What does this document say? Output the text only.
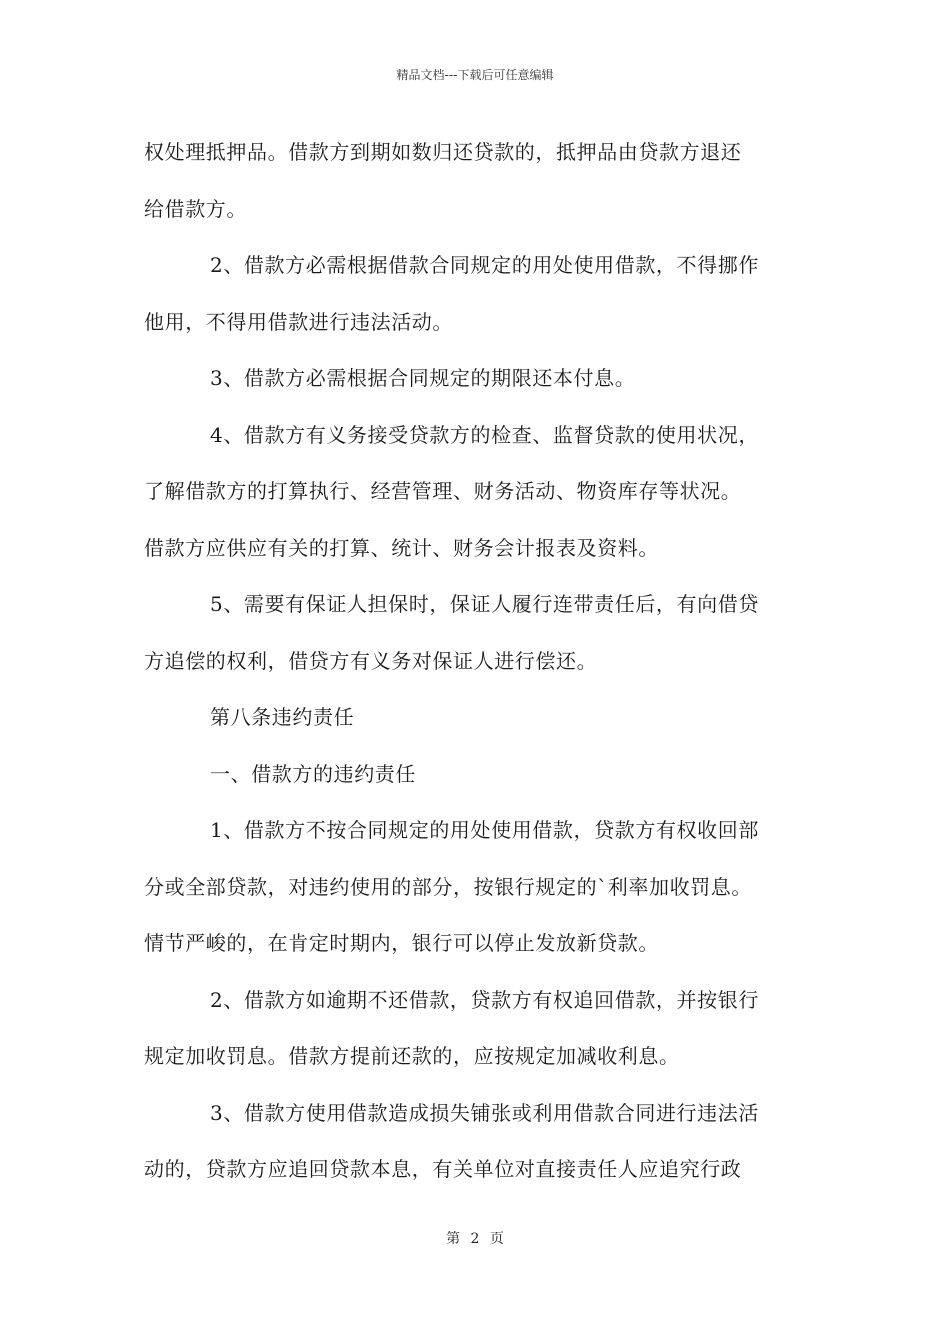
精品文档---下载后可任意编辑
权处理抵押品。借款方到期如数归还贷款的，抵押品由贷款方退还
给借款方。
2、借款方必需根据借款合同规定的用处使用借款，不得挪作
他用，不得用借款进行违法活动。
3、借款方必需根据合同规定的期限还本付息。
4、借款方有义务接受贷款方的检查、监督贷款的使用状况，
了解借款方的打算执行、经营管理、财务活动、物资库存等状况。
借款方应供应有关的打算、统计、财务会计报表及资料。
5、需要有保证人担保时，保证人履行连带责任后，有向借贷
方追偿的权利，借贷方有义务对保证人进行偿还。
第八条违约责任
一、借款方的违约责任
1、借款方不按合同规定的用处使用借款，贷款方有权收回部
分或全部贷款，对违约使用的部分，按银行规定的`利率加收罚息。
情节严峻的，在肯定时期内，银行可以停止发放新贷款。
2、借款方如逾期不还借款，贷款方有权追回借款，并按银行
规定加收罚息。借款方提前还款的，应按规定加减收利息。
3、借款方使用借款造成损失铺张或利用借款合同进行违法活
动的，贷款方应追回贷款本息，有关单位对直接责任人应追究行政
第 2 页
